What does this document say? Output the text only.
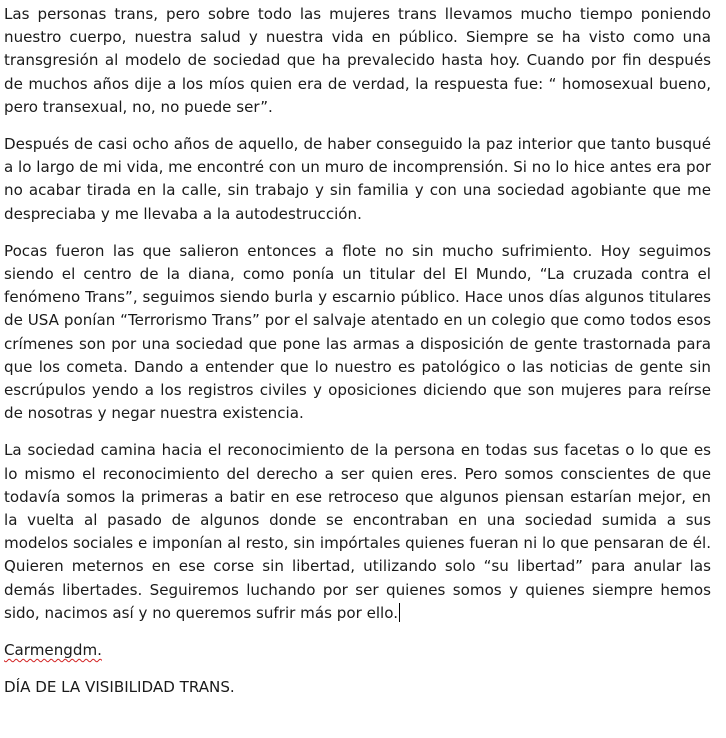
Las personas trans, pero sobre todo las mujeres trans llevamos mucho tiempo poniendo nuestro cuerpo, nuestra salud y nuestra vida en público. Siempre se ha visto como una transgresión al modelo de sociedad que ha prevalecido hasta hoy. Cuando por fin después de muchos años dije a los míos quien era de verdad, la respuesta fue: “ homosexual bueno, pero transexual, no, no puede ser”.

Después de casi ocho años de aquello, de haber conseguido la paz interior que tanto busqué a lo largo de mi vida, me encontré con un muro de incomprensión. Si no lo hice antes era por no acabar tirada en la calle, sin trabajo y sin familia y con una sociedad agobiante que me despreciaba y me llevaba a la autodestrucción.

Pocas fueron las que salieron entonces a flote no sin mucho sufrimiento. Hoy seguimos siendo el centro de la diana, como ponía un titular del El Mundo, “La cruzada contra el fenómeno Trans”, seguimos siendo burla y escarnio público. Hace unos días algunos titulares de USA ponían “Terrorismo Trans” por el salvaje atentado en un colegio que como todos esos crímenes son por una sociedad que pone las armas a disposición de gente trastornada para que los cometa. Dando a entender que lo nuestro es patológico o las noticias de gente sin escrúpulos yendo a los registros civiles y oposiciones diciendo que son mujeres para reírse de nosotras y negar nuestra existencia.

La sociedad camina hacia el reconocimiento de la persona en todas sus facetas o lo que es lo mismo el reconocimiento del derecho a ser quien eres. Pero somos conscientes de que todavía somos la primeras a batir en ese retroceso que algunos piensan estarían mejor, en la vuelta al pasado de algunos donde se encontraban en una sociedad sumida a sus modelos sociales e imponían al resto, sin impórtales quienes fueran ni lo que pensaran de él. Quieren meternos en ese corse sin libertad, utilizando solo “su libertad” para anular las demás libertades. Seguiremos luchando por ser quienes somos y quienes siempre hemos sido, nacimos así y no queremos sufrir más por ello.

Carmengdm.

DÍA DE LA VISIBILIDAD TRANS.
